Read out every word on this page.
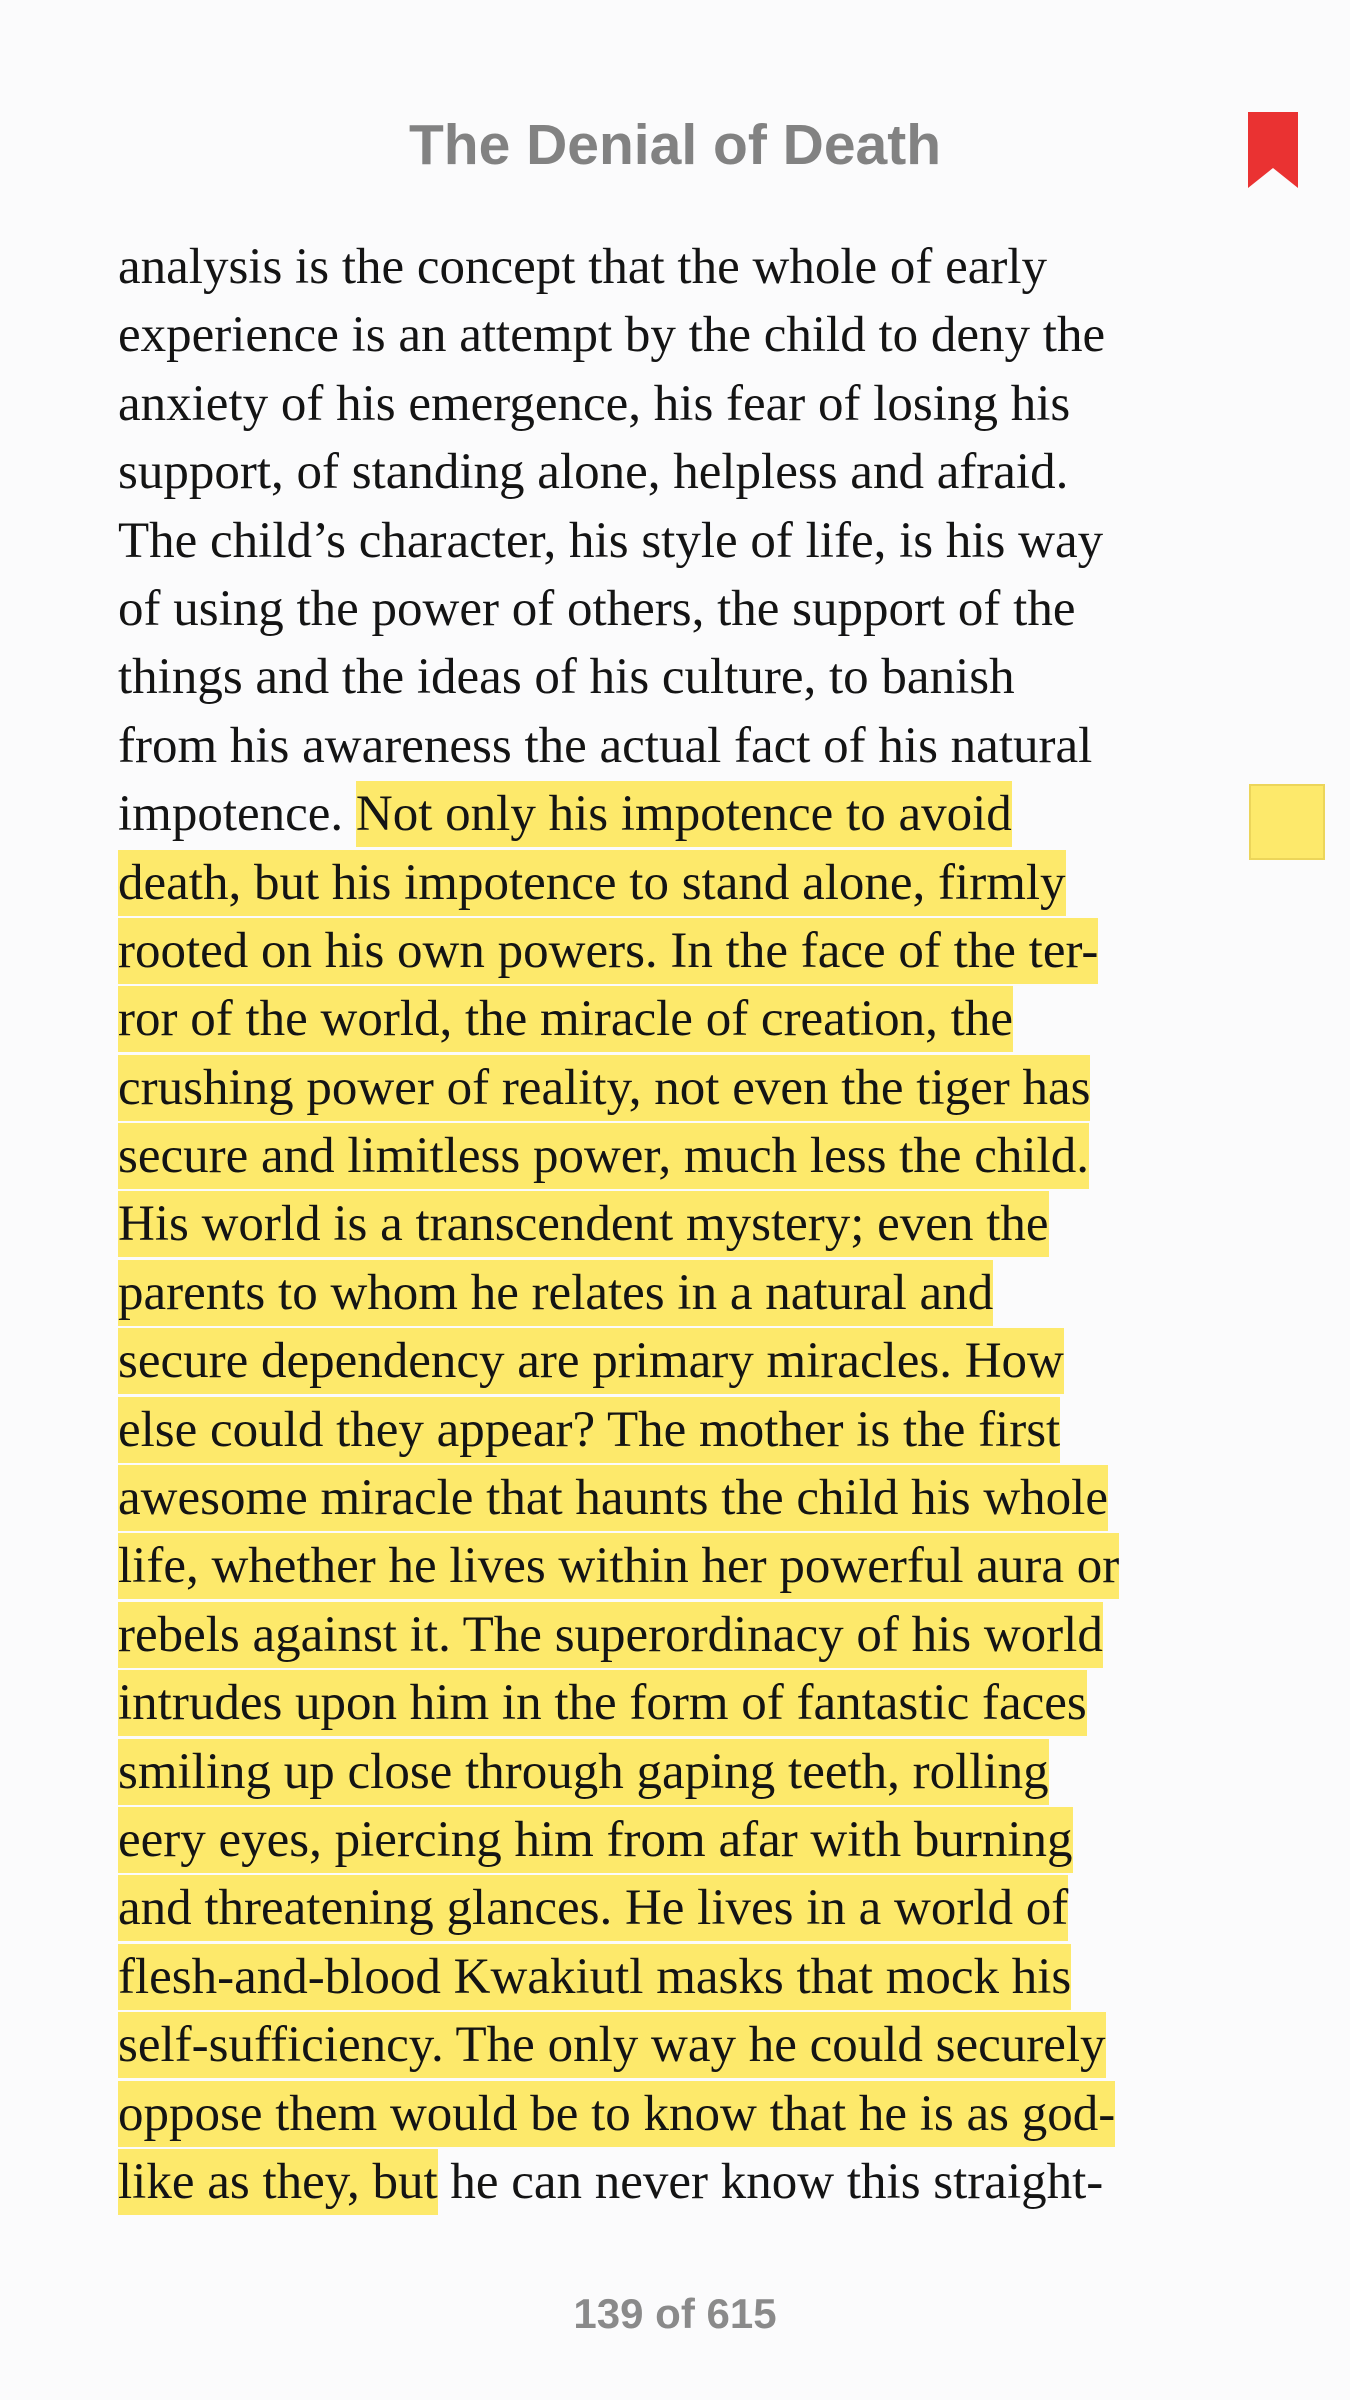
The Denial of Death
analysis is the concept that the whole of early
experience is an attempt by the child to deny the
anxiety of his emergence, his fear of losing his
support, of standing alone, helpless and afraid.
The child’s character, his style of life, is his way
of using the power of others, the support of the
things and the ideas of his culture, to banish
from his awareness the actual fact of his natural
impotence. Not only his impotence to avoid
death, but his impotence to stand alone, firmly
rooted on his own powers. In the face of the ter-
ror of the world, the miracle of creation, the
crushing power of reality, not even the tiger has
secure and limitless power, much less the child.
His world is a transcendent mystery; even the
parents to whom he relates in a natural and
secure dependency are primary miracles. How
else could they appear? The mother is the first
awesome miracle that haunts the child his whole
life, whether he lives within her powerful aura or
rebels against it. The superordinacy of his world
intrudes upon him in the form of fantastic faces
smiling up close through gaping teeth, rolling
eery eyes, piercing him from afar with burning
and threatening glances. He lives in a world of
flesh-and-blood Kwakiutl masks that mock his
self-sufficiency. The only way he could securely
oppose them would be to know that he is as god-
like as they, but he can never know this straight-
139 of 615
